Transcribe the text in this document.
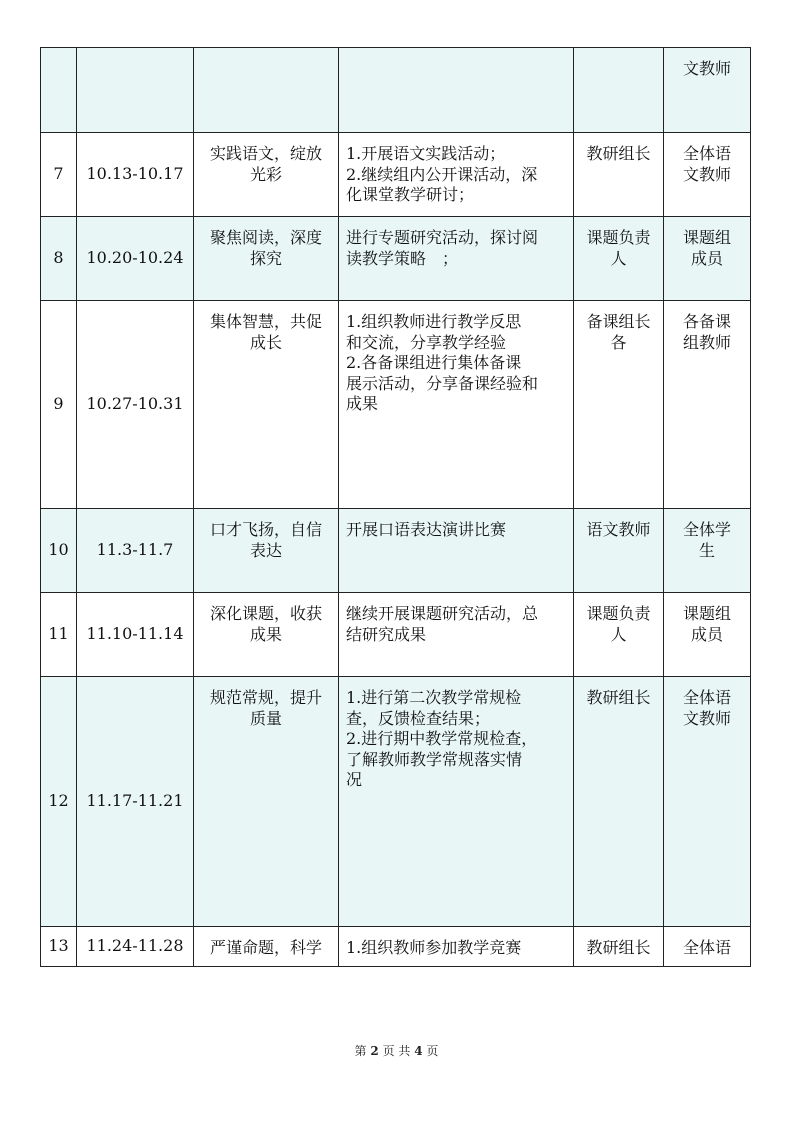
					文教师

7	10.13-10.17	实践语文，绽放
光彩	1.开展语文实践活动；
2.继续组内公开课活动，深
化课堂教学研讨；	教研组长	全体语
文教师

8	10.20-10.24	聚焦阅读，深度
探究	进行专题研究活动，探讨阅
读教学策略　；	课题负责
人	课题组
成员

9	10.27-10.31	集体智慧，共促
成长	1.组织教师进行教学反思
和交流，分享教学经验
2.各备课组进行集体备课
展示活动，分享备课经验和
成果	备课组长
各	各备课
组教师

10	11.3-11.7	口才飞扬，自信
表达	开展口语表达演讲比赛	语文教师	全体学
生

11	11.10-11.14	深化课题，收获
成果	继续开展课题研究活动，总
结研究成果	课题负责
人	课题组
成员

12	11.17-11.21	规范常规，提升
质量	1.进行第二次教学常规检
查，反馈检查结果；
2.进行期中教学常规检查，
了解教师教学常规落实情
况	教研组长	全体语
文教师

13	11.24-11.28	严谨命题，科学	1.组织教师参加教学竞赛	教研组长	全体语
第 2 页 共 4 页
